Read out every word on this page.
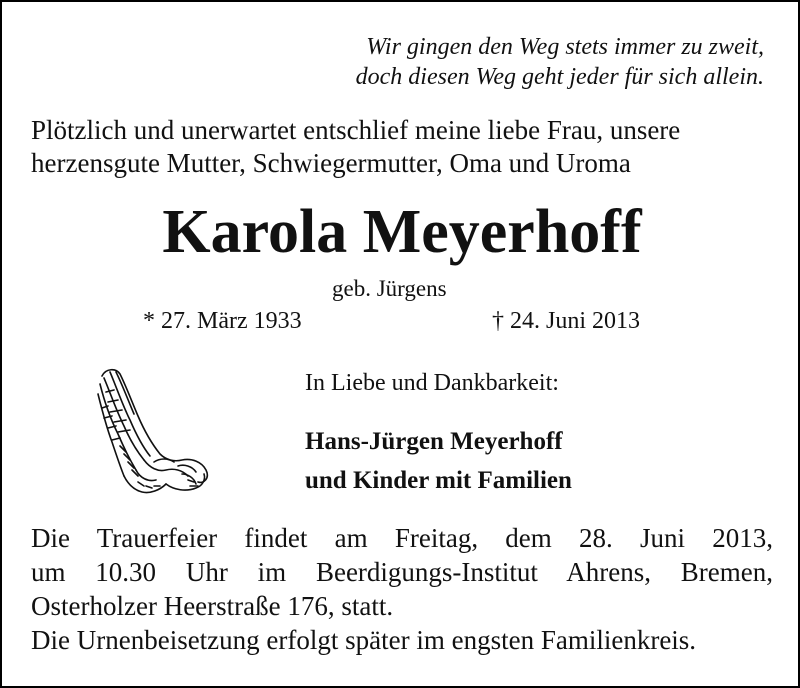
Wir gingen den Weg stets immer zu zweit,
doch diesen Weg geht jeder für sich allein.
Plötzlich und unerwartet entschlief meine liebe Frau, unsere
herzensgute Mutter, Schwiegermutter, Oma und Uroma
Karola Meyerhoff
geb. Jürgens
* 27. März 1933	† 24. Juni 2013
In Liebe und Dankbarkeit:
Hans-Jürgen Meyerhoff
und Kinder mit Familien
Die Trauerfeier findet am Freitag, dem 28. Juni 2013,
um 10.30 Uhr im Beerdigungs-Institut Ahrens, Bremen,
Osterholzer Heerstraße 176, statt.
Die Urnenbeisetzung erfolgt später im engsten Familienkreis.
